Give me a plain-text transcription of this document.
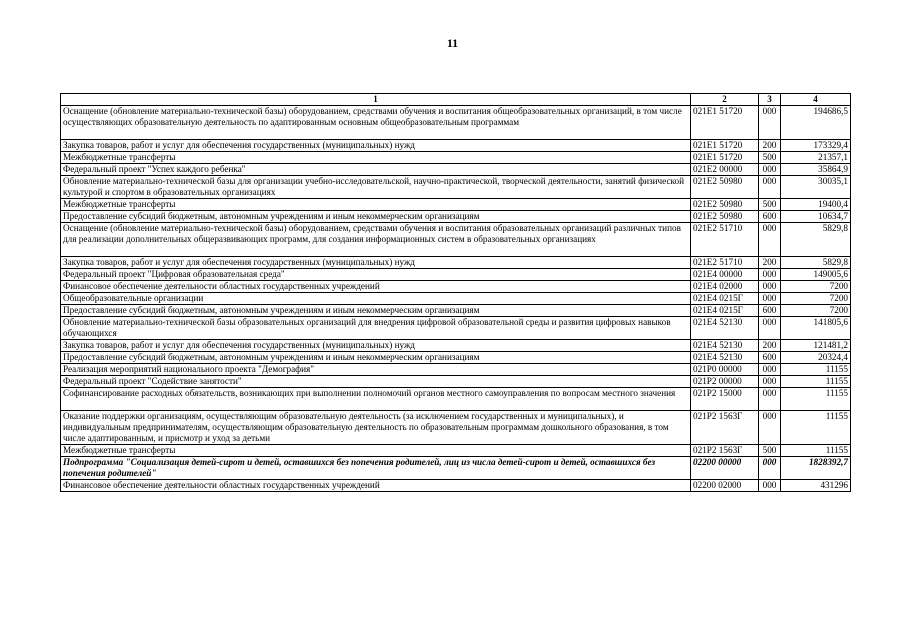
11
1	2	3	4
Оснащение (обновление материально-технической базы) оборудованием, средствами обучения и воспитания общеобразовательных организаций, в том числе осуществляющих образовательную деятельность по адаптированным основным общеобразовательным программам	021E1 51720	000	194686,5
Закупка товаров, работ и услуг для обеспечения государственных (муниципальных) нужд	021E1 51720	200	173329,4
Межбюджетные трансферты	021E1 51720	500	21357,1
Федеральный проект "Успех каждого ребенка"	021E2 00000	000	35864,9
Обновление материально-технической базы для организации учебно-исследовательской, научно-практической, творческой деятельности, занятий физической культурой и спортом в образовательных организациях	021E2 50980	000	30035,1
Межбюджетные трансферты	021E2 50980	500	19400,4
Предоставление субсидий бюджетным, автономным учреждениям и иным некоммерческим организациям	021E2 50980	600	10634,7
Оснащение (обновление материально-технической базы) оборудованием, средствами обучения и воспитания образовательных организаций различных типов для реализации дополнительных общеразвивающих программ, для создания информационных систем в образовательных организациях	021E2 51710	000	5829,8
Закупка товаров, работ и услуг для обеспечения государственных (муниципальных) нужд	021E2 51710	200	5829,8
Федеральный проект "Цифровая образовательная среда"	021E4 00000	000	149005,6
Финансовое обеспечение деятельности областных государственных учреждений	021E4 02000	000	7200
Общеобразовательные организации	021E4 0215Г	000	7200
Предоставление субсидий бюджетным, автономным учреждениям и иным некоммерческим организациям	021E4 0215Г	600	7200
Обновление материально-технической базы образовательных организаций для внедрения цифровой образовательной среды и развития цифровых навыков обучающихся	021E4 52130	000	141805,6
Закупка товаров, работ и услуг для обеспечения государственных (муниципальных) нужд	021E4 52130	200	121481,2
Предоставление субсидий бюджетным, автономным учреждениям и иным некоммерческим организациям	021E4 52130	600	20324,4
Реализация мероприятий национального проекта "Демография"	021P0 00000	000	11155
Федеральный проект "Содействие занятости"	021P2 00000	000	11155
Софинансирование расходных обязательств, возникающих при выполнении полномочий органов местного самоуправления по вопросам местного значения	021P2 15000	000	11155
Оказание поддержки организациям, осуществляющим образовательную деятельность (за исключением государственных и муниципальных), и индивидуальным предпринимателям, осуществляющим образовательную деятельность по образовательным программам дошкольного образования, в том числе адаптированным, и присмотр и уход за детьми	021P2 1563Г	000	11155
Межбюджетные трансферты	021P2 1563Г	500	11155
Подпрограмма "Социализация детей-сирот и детей, оставшихся без попечения родителей, лиц из числа детей-сирот и детей, оставшихся без попечения родителей"	02200 00000	000	1828392,7
Финансовое обеспечение деятельности областных государственных учреждений	02200 02000	000	431296
